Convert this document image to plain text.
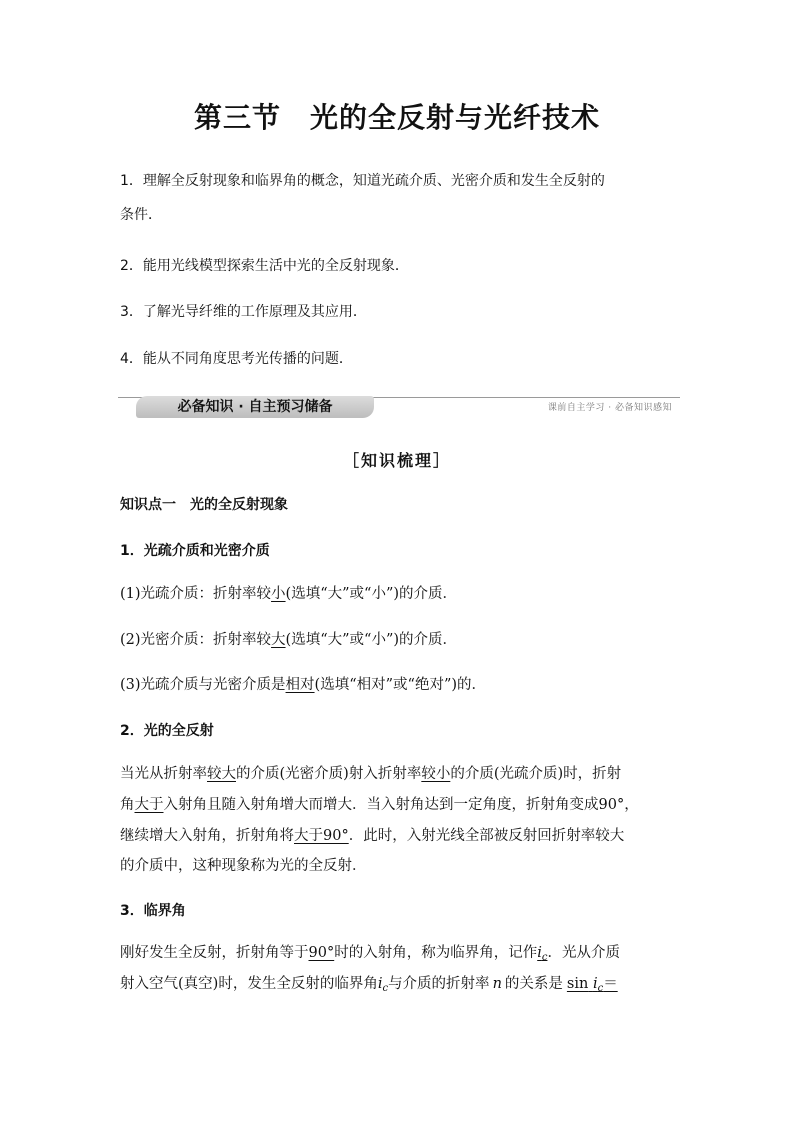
第三节　光的全反射与光纤技术
1．理解全反射现象和临界角的概念，知道光疏介质、光密介质和发生全反射的
条件．
2．能用光线模型探索生活中光的全反射现象．
3．了解光导纤维的工作原理及其应用．
4．能从不同角度思考光传播的问题．
必备知识 · 自主预习储备	课前自主学习 · 必备知识感知
［知识梳理］
知识点一　光的全反射现象
1．光疏介质和光密介质
(1)光疏介质：折射率较小(选填“大”或“小”)的介质．
(2)光密介质：折射率较大(选填“大”或“小”)的介质．
(3)光疏介质与光密介质是相对(选填“相对”或“绝对”)的．
2．光的全反射
当光从折射率较大的介质(光密介质)射入折射率较小的介质(光疏介质)时，折射
角大于入射角且随入射角增大而增大．当入射角达到一定角度，折射角变成90°，
继续增大入射角，折射角将大于90°．此时，入射光线全部被反射回折射率较大
的介质中，这种现象称为光的全反射．
3．临界角
刚好发生全反射，折射角等于90°时的入射角，称为临界角，记作$i_c$．光从介质
射入空气(真空)时，发生全反射的临界角$i_c$与介质的折射率 n 的关系是 $\sin i_c=$
